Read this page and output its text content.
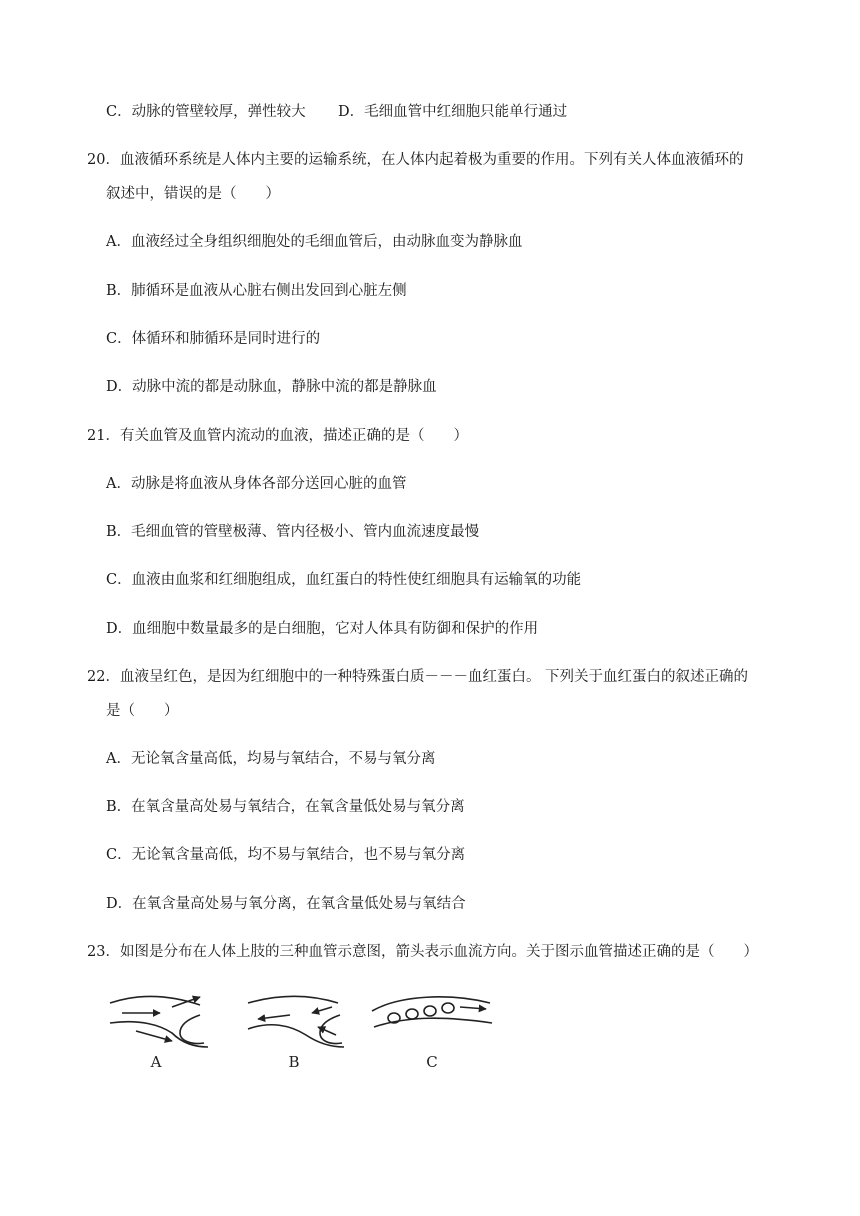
C．动脉的管壁较厚，弹性较大 D．毛细血管中红细胞只能单行通过
20．血液循环系统是人体内主要的运输系统，在人体内起着极为重要的作用。下列有关人体血液循环的
叙述中，错误的是（　　）
A．血液经过全身组织细胞处的毛细血管后，由动脉血变为静脉血
B．肺循环是血液从心脏右侧出发回到心脏左侧
C．体循环和肺循环是同时进行的
D．动脉中流的都是动脉血，静脉中流的都是静脉血
21．有关血管及血管内流动的血液，描述正确的是（　　）
A．动脉是将血液从身体各部分送回心脏的血管
B．毛细血管的管壁极薄、管内径极小、管内血流速度最慢
C．血液由血浆和红细胞组成，血红蛋白的特性使红细胞具有运输氧的功能
D．血细胞中数量最多的是白细胞，它对人体具有防御和保护的作用
22．血液呈红色，是因为红细胞中的一种特殊蛋白质－－－血红蛋白。 下列关于血红蛋白的叙述正确的
是（　　）
A．无论氧含量高低，均易与氧结合，不易与氧分离
B．在氧含量高处易与氧结合，在氧含量低处易与氧分离
C．无论氧含量高低，均不易与氧结合，也不易与氧分离
D．在氧含量高处易与氧分离，在氧含量低处易与氧结合
23．如图是分布在人体上肢的三种血管示意图，箭头表示血流方向。关于图示血管描述正确的是（　　）
A	B	C
